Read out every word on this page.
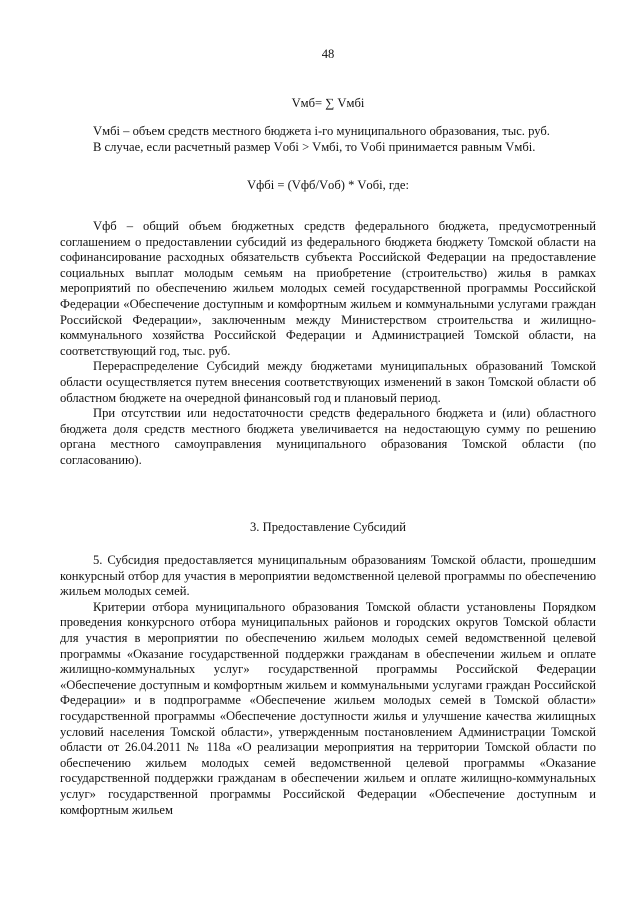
48
Vмб= ∑ Vмбi

Vмбi – объем средств местного бюджета i-го муниципального образования, тыс. руб.

В случае, если расчетный размер Vобi > Vмбi, то Vобi принимается равным Vмбi.

Vфбi = (Vфб/Vоб) * Vобi, где:

Vфб – общий объем бюджетных средств федерального бюджета, предусмотренный соглашением о предоставлении субсидий из федерального бюджета бюджету Томской области на софинансирование расходных обязательств субъекта Российской Федерации на предоставление социальных выплат молодым семьям на приобретение (строительство) жилья в рамках мероприятий по обеспечению жильем молодых семей государственной программы Российской Федерации «Обеспечение доступным и комфортным жильем и коммунальными услугами граждан Российской Федерации», заключенным между Министерством строительства и жилищно-коммунального хозяйства Российской Федерации и Администрацией Томской области, на соответствующий год, тыс. руб.

Перераспределение Субсидий между бюджетами муниципальных образований Томской области осуществляется путем внесения соответствующих изменений в закон Томской области об областном бюджете на очередной финансовый год и плановый период.

При отсутствии или недостаточности средств федерального бюджета и (или) областного бюджета доля средств местного бюджета увеличивается на недостающую сумму по решению органа местного самоуправления муниципального образования Томской области (по согласованию).

3. Предоставление Субсидий

5. Субсидия предоставляется муниципальным образованиям Томской области, прошедшим конкурсный отбор для участия в мероприятии ведомственной целевой программы по обеспечению жильем молодых семей.

Критерии отбора муниципального образования Томской области установлены Порядком проведения конкурсного отбора муниципальных районов и городских округов Томской области для участия в мероприятии по обеспечению жильем молодых семей ведомственной целевой программы «Оказание государственной поддержки гражданам в обеспечении жильем и оплате жилищно-коммунальных услуг» государственной программы Российской Федерации «Обеспечение доступным и комфортным жильем и коммунальными услугами граждан Российской Федерации» и в подпрограмме «Обеспечение жильем молодых семей в Томской области» государственной программы «Обеспечение доступности жилья и улучшение качества жилищных условий населения Томской области», утвержденным постановлением Администрации Томской области от 26.04.2011 № 118а «О реализации мероприятия на территории Томской области по обеспечению жильем молодых семей ведомственной целевой программы «Оказание государственной поддержки гражданам в обеспечении жильем и оплате жилищно-коммунальных услуг» государственной программы Российской Федерации «Обеспечение доступным и комфортным жильем
